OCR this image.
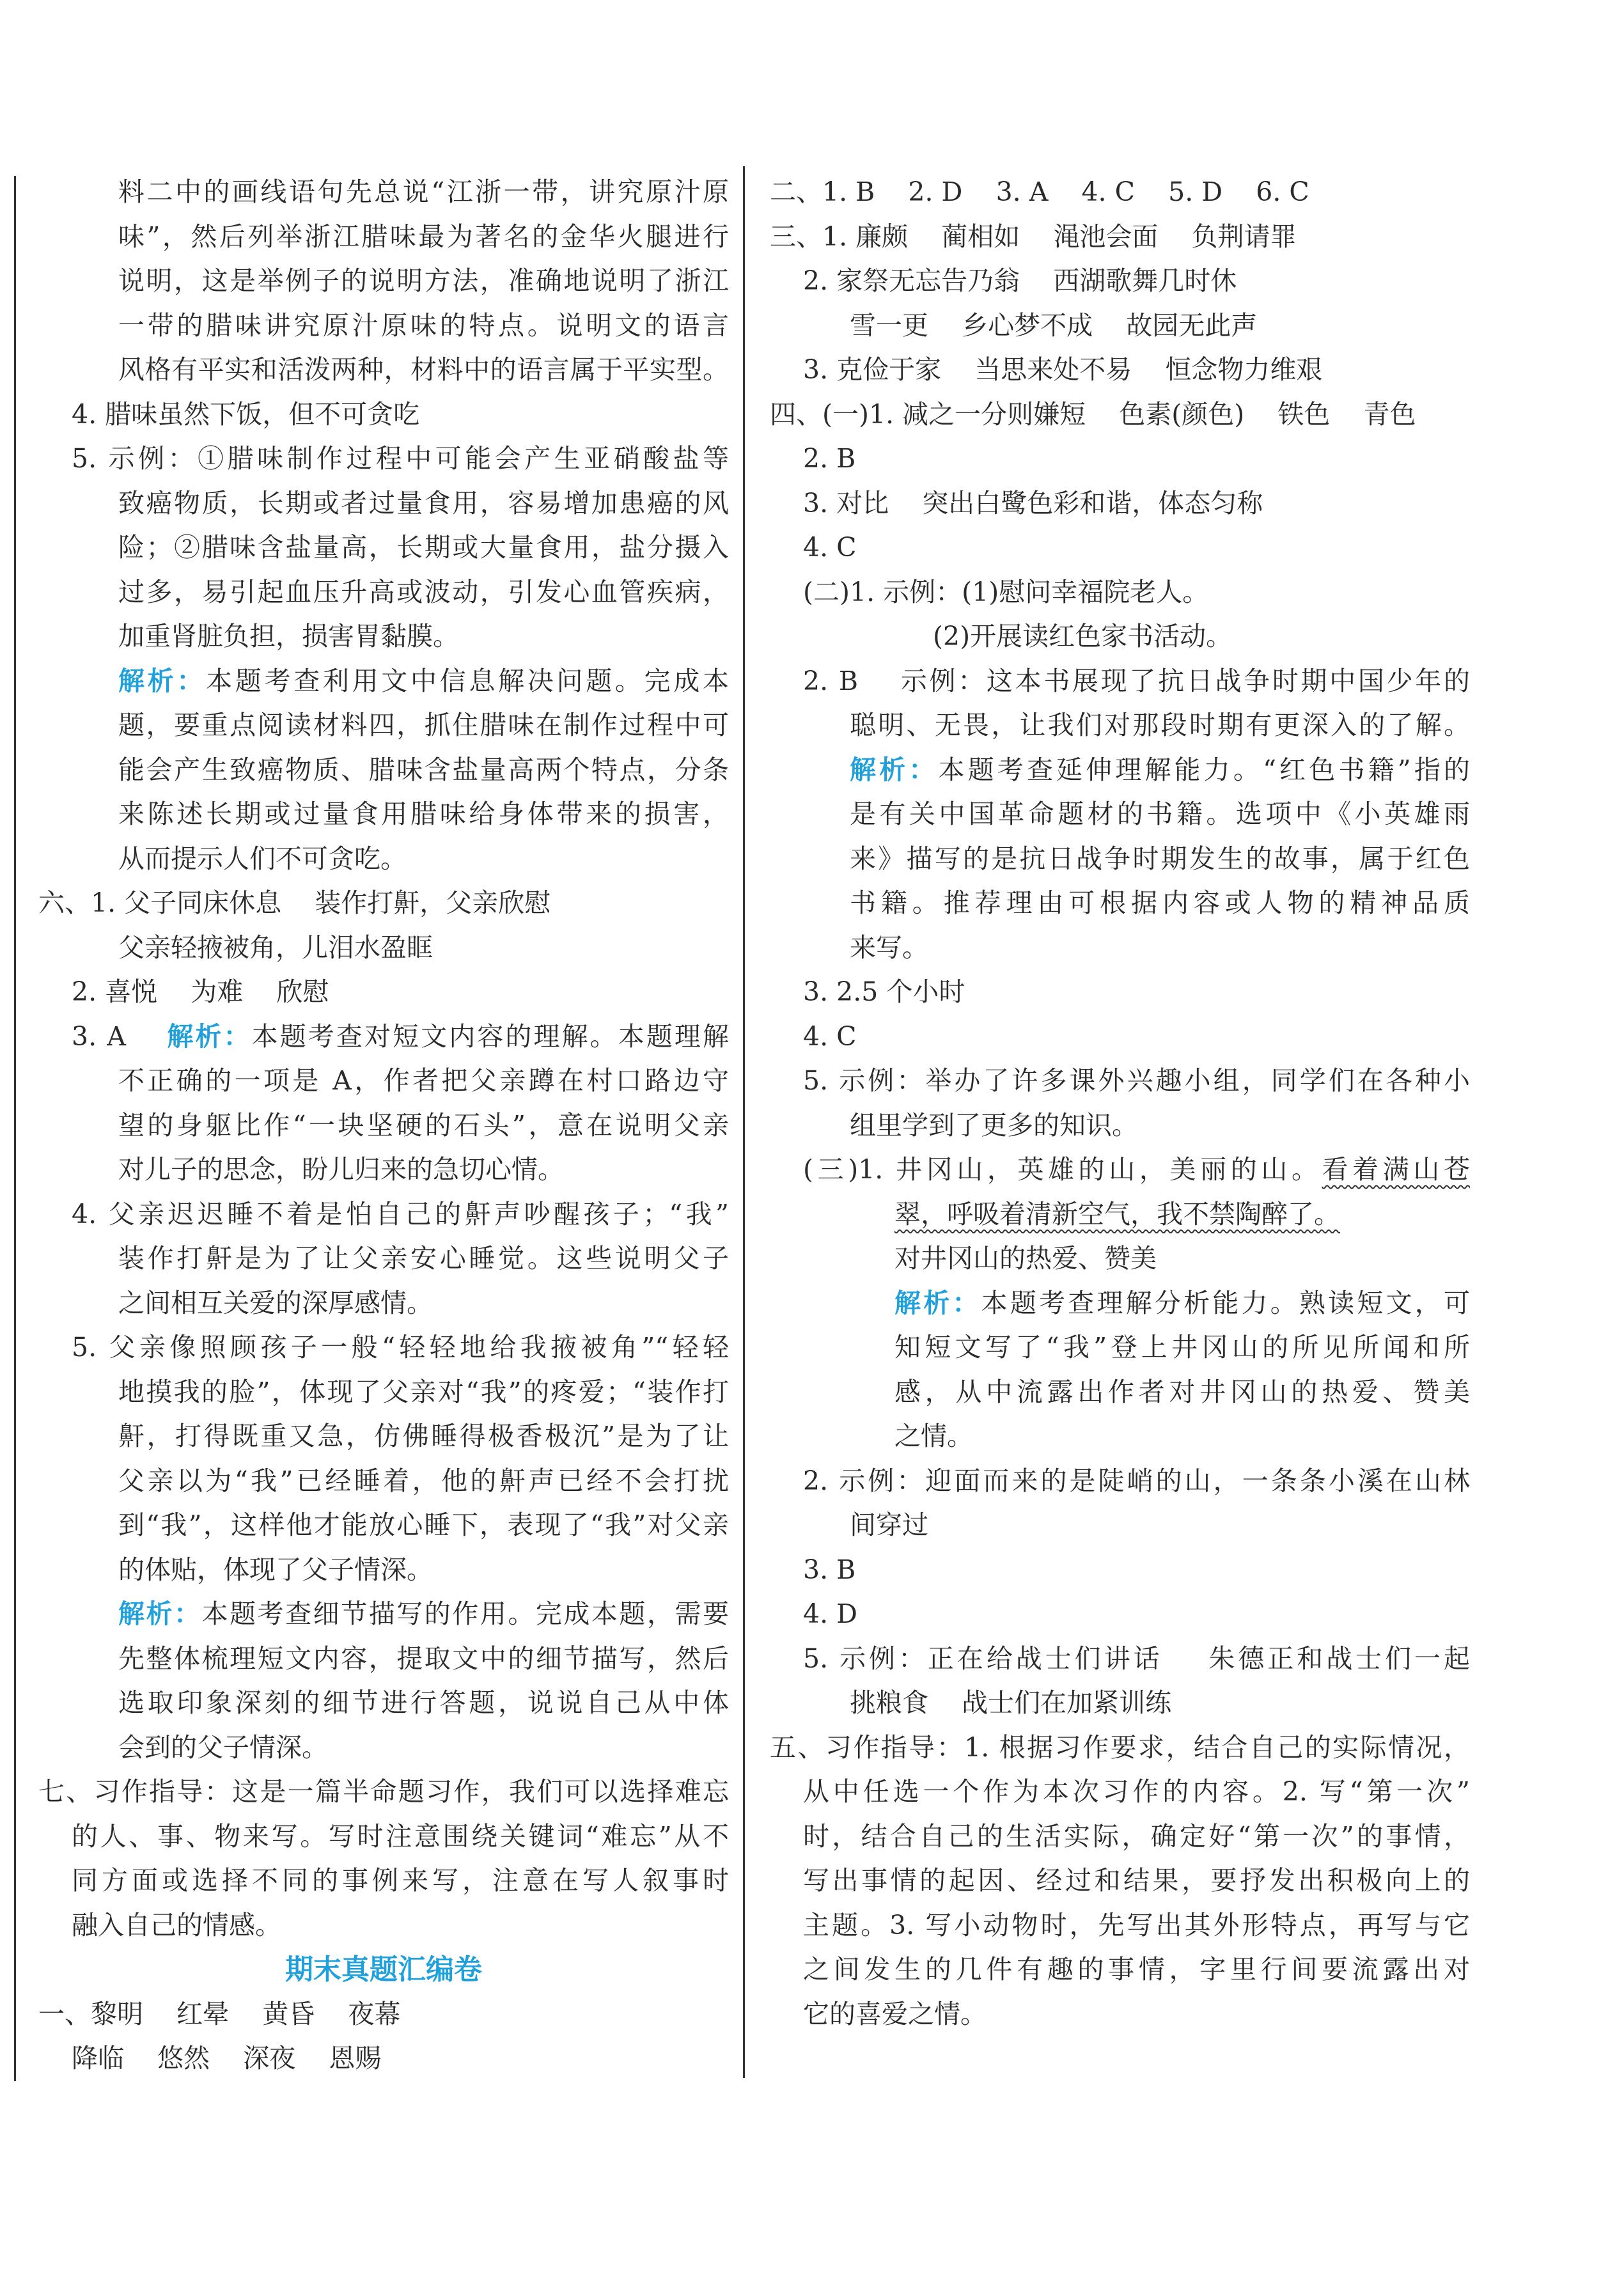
料二中的画线语句先总说“江浙一带，讲究原汁原
味”，然后列举浙江腊味最为著名的金华火腿进行
说明，这是举例子的说明方法，准确地说明了浙江
一带的腊味讲究原汁原味的特点。说明文的语言
风格有平实和活泼两种，材料中的语言属于平实型。
4. 腊味虽然下饭，但不可贪吃
5. 示例：①腊味制作过程中可能会产生亚硝酸盐等
致癌物质，长期或者过量食用，容易增加患癌的风
险；②腊味含盐量高，长期或大量食用，盐分摄入
过多，易引起血压升高或波动，引发心血管疾病，
加重肾脏负担，损害胃黏膜。
解析：本题考查利用文中信息解决问题。完成本
题，要重点阅读材料四，抓住腊味在制作过程中可
能会产生致癌物质、腊味含盐量高两个特点，分条
来陈述长期或过量食用腊味给身体带来的损害，
从而提示人们不可贪吃。
六、1. 父子同床休息    装作打鼾，父亲欣慰
父亲轻掖被角，儿泪水盈眶
2. 喜悦    为难    欣慰
3. A    解析：本题考查对短文内容的理解。本题理解
不正确的一项是 A，作者把父亲蹲在村口路边守
望的身躯比作“一块坚硬的石头”，意在说明父亲
对儿子的思念，盼儿归来的急切心情。
4. 父亲迟迟睡不着是怕自己的鼾声吵醒孩子；“我”
装作打鼾是为了让父亲安心睡觉。这些说明父子
之间相互关爱的深厚感情。
5. 父亲像照顾孩子一般“轻轻地给我掖被角”“轻轻
地摸我的脸”，体现了父亲对“我”的疼爱；“装作打
鼾，打得既重又急，仿佛睡得极香极沉”是为了让
父亲以为“我”已经睡着，他的鼾声已经不会打扰
到“我”，这样他才能放心睡下，表现了“我”对父亲
的体贴，体现了父子情深。
解析：本题考查细节描写的作用。完成本题，需要
先整体梳理短文内容，提取文中的细节描写，然后
选取印象深刻的细节进行答题，说说自己从中体
会到的父子情深。
七、习作指导：这是一篇半命题习作，我们可以选择难忘
的人、事、物来写。写时注意围绕关键词“难忘”从不
同方面或选择不同的事例来写，注意在写人叙事时
融入自己的情感。
期末真题汇编卷
一、黎明    红晕    黄昏    夜幕
降临    悠然    深夜    恩赐
二、1. B    2. D    3. A    4. C    5. D    6. C
三、1. 廉颇    蔺相如    渑池会面    负荆请罪
2. 家祭无忘告乃翁    西湖歌舞几时休
雪一更    乡心梦不成    故园无此声
3. 克俭于家    当思来处不易    恒念物力维艰
四、(一)1. 减之一分则嫌短    色素(颜色)    铁色    青色
2. B
3. 对比    突出白鹭色彩和谐，体态匀称
4. C
(二)1. 示例：(1)慰问幸福院老人。
(2)开展读红色家书活动。
2. B    示例：这本书展现了抗日战争时期中国少年的
聪明、无畏，让我们对那段时期有更深入的了解。
解析：本题考查延伸理解能力。“红色书籍”指的
是有关中国革命题材的书籍。选项中《小英雄雨
来》描写的是抗日战争时期发生的故事，属于红色
书籍。推荐理由可根据内容或人物的精神品质
来写。
3. 2.5 个小时
4. C
5. 示例：举办了许多课外兴趣小组，同学们在各种小
组里学到了更多的知识。
(三)1. 井冈山，英雄的山，美丽的山。看着满山苍
翠，呼吸着清新空气，我不禁陶醉了。
对井冈山的热爱、赞美
解析：本题考查理解分析能力。熟读短文，可
知短文写了“我”登上井冈山的所见所闻和所
感，从中流露出作者对井冈山的热爱、赞美
之情。
2. 示例：迎面而来的是陡峭的山，一条条小溪在山林
间穿过
3. B
4. D
5. 示例：正在给战士们讲话    朱德正和战士们一起
挑粮食    战士们在加紧训练
五、习作指导：1. 根据习作要求，结合自己的实际情况，
从中任选一个作为本次习作的内容。2. 写“第一次”
时，结合自己的生活实际，确定好“第一次”的事情，
写出事情的起因、经过和结果，要抒发出积极向上的
主题。3. 写小动物时，先写出其外形特点，再写与它
之间发生的几件有趣的事情，字里行间要流露出对
它的喜爱之情。
